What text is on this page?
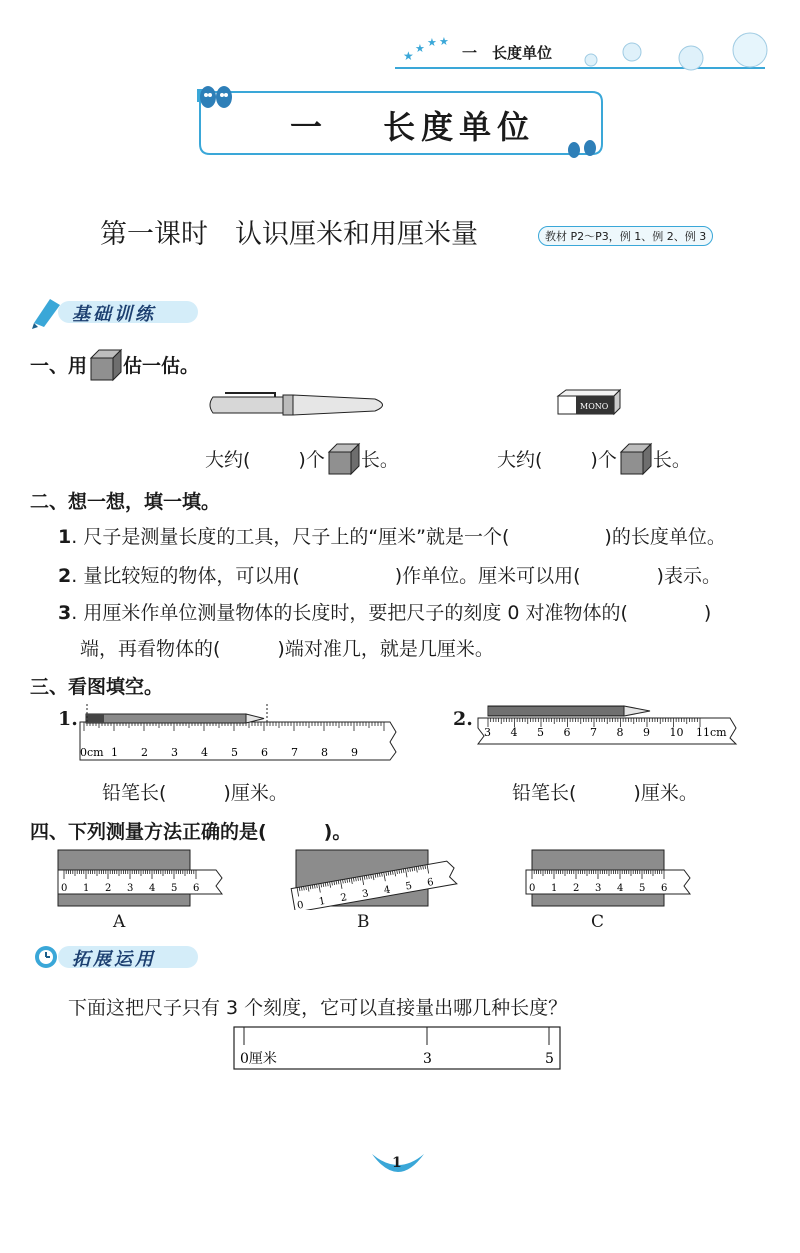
★
★ ★ ★
一　长度单位
一　 长度单位
第一课时　认识厘米和用厘米量	教材 P2～P3，例 1、例 2、例 3
基础训练
一、用 估一估。
MONO
大约(	)个 长。	大约(	)个 长。
二、想一想，填一填。
1. 尺子是测量长度的工具，尺子上的“厘米”就是一个(　　　　　)的长度单位。
2. 量比较短的物体，可以用(　　　　　)作单位。厘米可以用(　　　　)表示。
3. 用厘米作单位测量物体的长度时，要把尺子的刻度 0 对准物体的(　　　　)
端，再看物体的(　　　)端对准几，就是几厘米。
三、看图填空。
1.	2.
0cm 1 2 3 4 5 6 7 8 9
3 4 5 6 7 8 9 10 11cm
铅笔长(　　　)厘米。	铅笔长(　　　)厘米。
四、下列测量方法正确的是(　　　)。
0 1 2 3 4 5 6
0 1 2 3 4 5 6	0 1 2 3 4 5 6
A	B	C
拓展运用
下面这把尺子只有 3 个刻度，它可以直接量出哪几种长度？
0厘米	3	5
1
